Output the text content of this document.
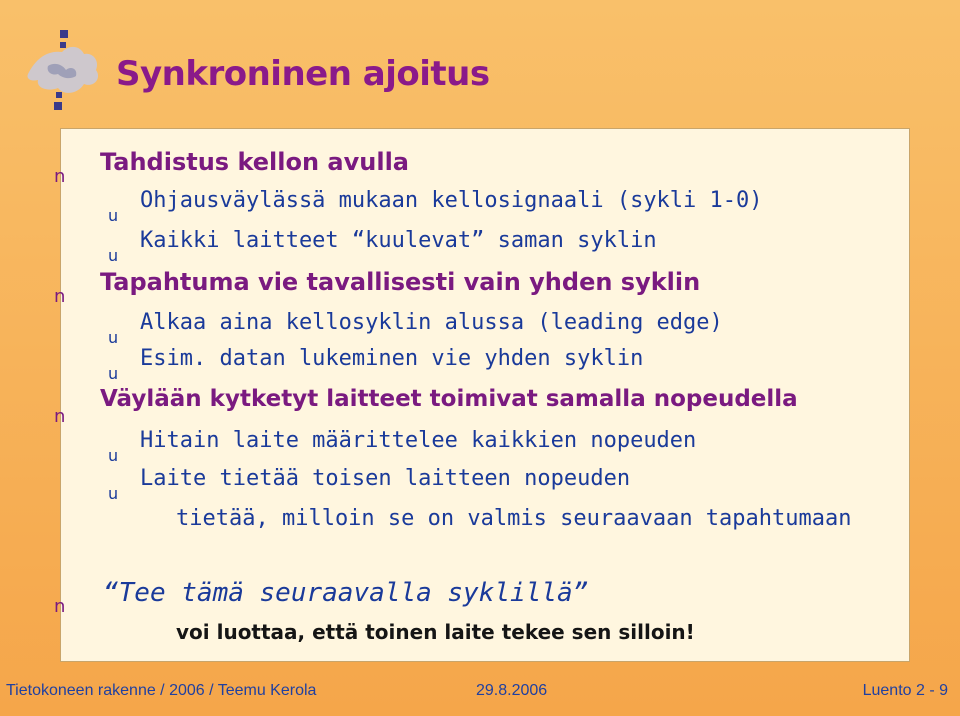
Synkroninen ajoitus
n
Tahdistus kellon avulla
u
Ohjausväylässä mukaan kellosignaali (sykli 1-0)
u
Kaikki laitteet “kuulevat” saman syklin
n
Tapahtuma vie tavallisesti vain yhden syklin
u
Alkaa aina kellosyklin alussa (leading edge)
u
Esim. datan lukeminen vie yhden syklin
n
Väylään kytketyt laitteet toimivat samalla nopeudella
u
Hitain laite määrittelee kaikkien nopeuden
u
Laite tietää toisen laitteen nopeuden
tietää, milloin se on valmis seuraavaan tapahtumaan
n “Tee tämä seuraavalla syklillä”
voi luottaa, että toinen laite tekee sen silloin!
Tietokoneen rakenne / 2006 / Teemu Kerola	29.8.2006	Luento 2 - 9
